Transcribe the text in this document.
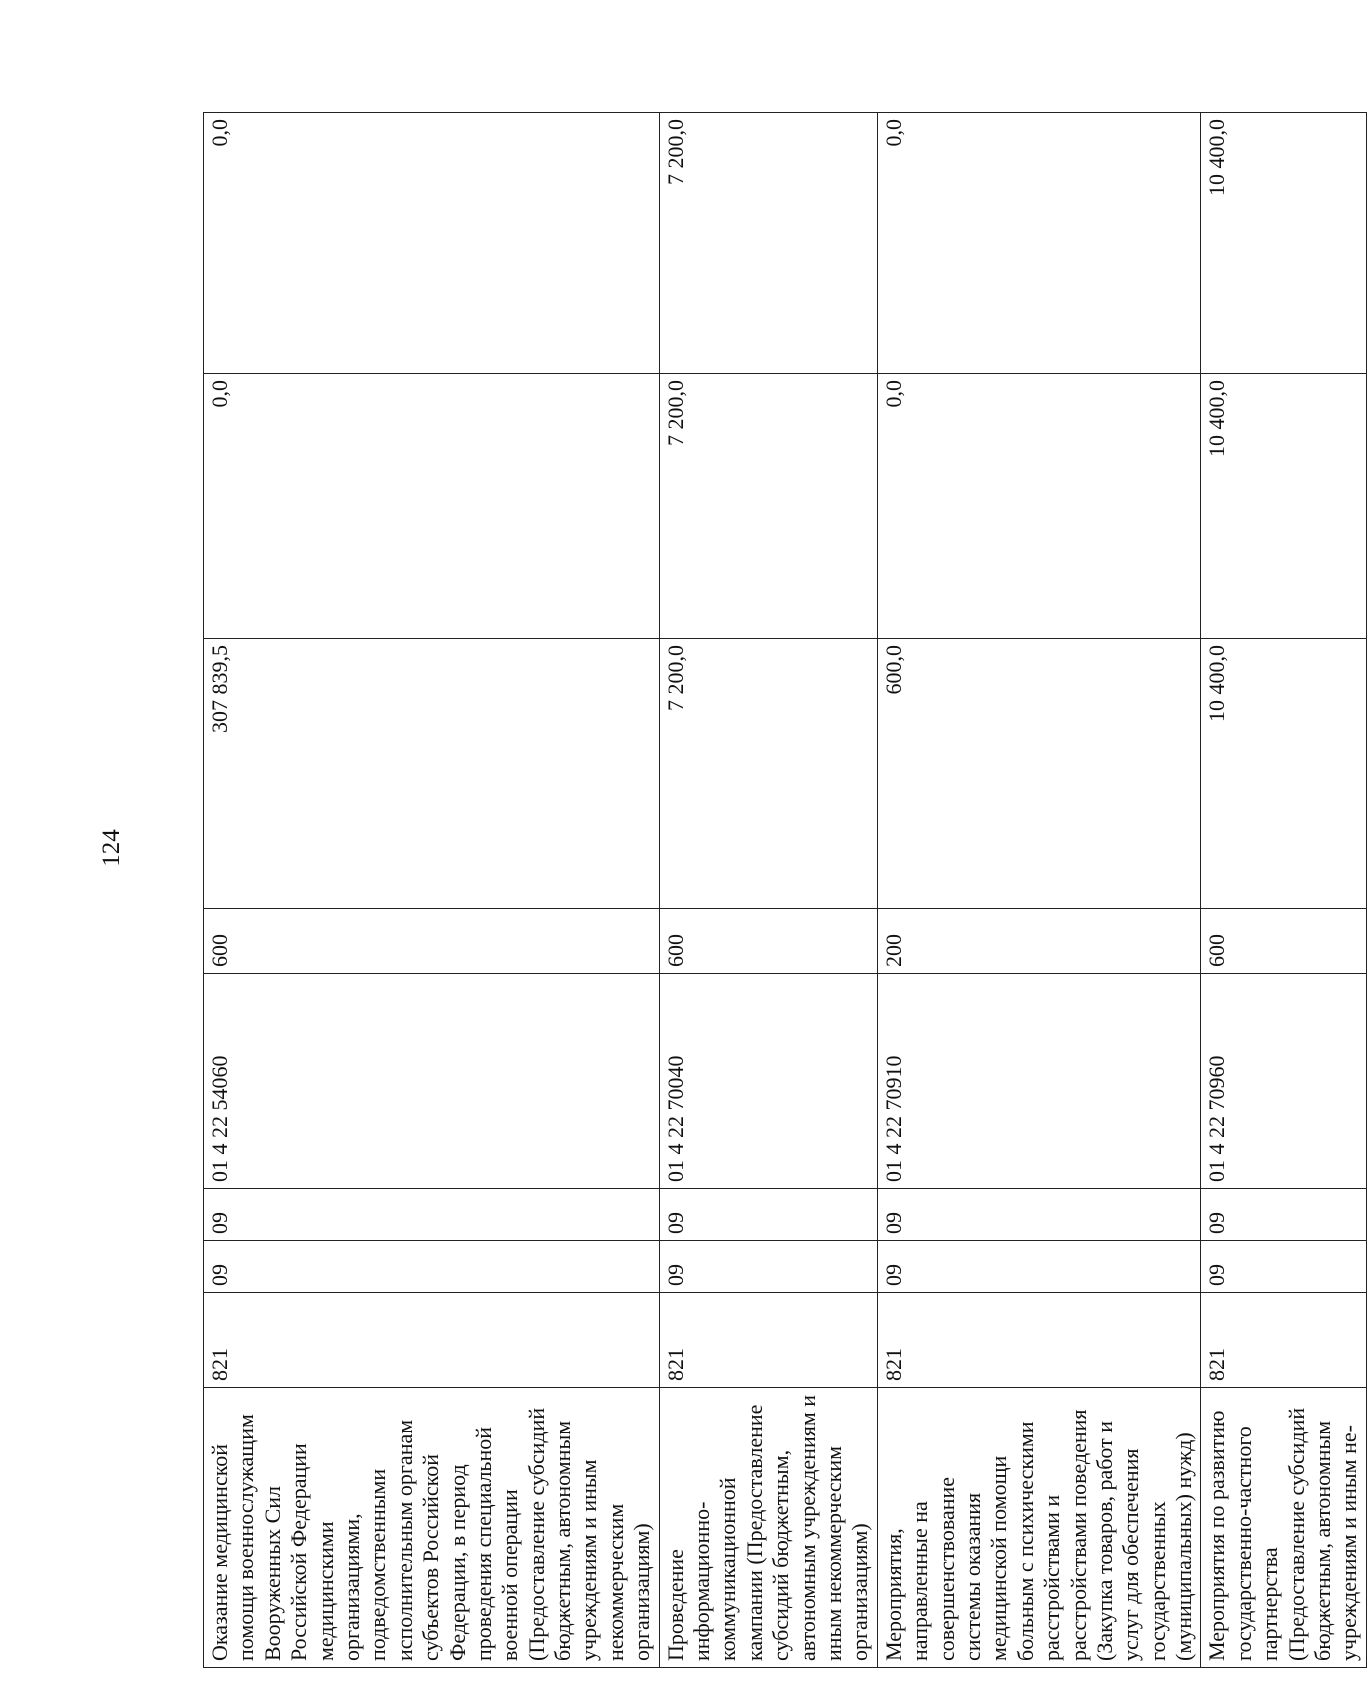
124
Оказание медицинской помощи военнослужащим Вооруженных Сил Российской Федерации медицинскими организациями, подведомственными исполнительным органам субъектов Российской Федерации, в период проведения специальной военной операции (Предоставление субсидий бюджетным, автономным учреждениям и иным некоммерческим организациям)	821	09	09	01 4 22 54060	600	307 839,5	0,0	0,0
Проведение информационно-коммуникационной кампании (Предоставление субсидий бюджетным, автономным учреждениям и иным некоммерческим организациям)	821	09	09	01 4 22 70040	600	7 200,0	7 200,0	7 200,0
Мероприятия, направленные на совершенствование системы оказания медицинской помощи больным с психическими расстройствами и расстройствами поведения (Закупка товаров, работ и услуг для обеспечения государственных (муниципальных) нужд)	821	09	09	01 4 22 70910	200	600,0	0,0	0,0
Мероприятия по развитию государственно-частного партнерства (Предоставление субсидий бюджетным, автономным учреждениям и иным не-	821	09	09	01 4 22 70960	600	10 400,0	10 400,0	10 400,0
